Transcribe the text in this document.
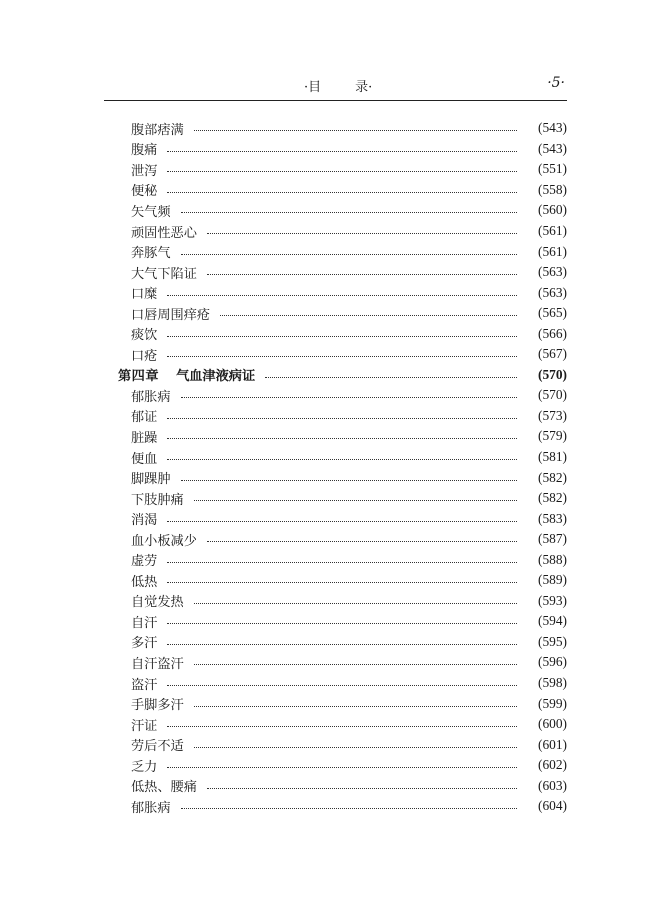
·目	录·	·5·
腹部痞满	(543)
腹痛	(543)
泄泻	(551)
便秘	(558)
矢气频	(560)
顽固性恶心	(561)
奔豚气	(561)
大气下陷证	(563)
口糜	(563)
口唇周围痒疮	(565)
痰饮	(566)
口疮	(567)
第四章 气血津液病证	(570)
郁胀病	(570)
郁证	(573)
脏躁	(579)
便血	(581)
脚踝肿	(582)
下肢肿痛	(582)
消渴	(583)
血小板减少	(587)
虚劳	(588)
低热	(589)
自觉发热	(593)
自汗	(594)
多汗	(595)
自汗盗汗	(596)
盗汗	(598)
手脚多汗	(599)
汗证	(600)
劳后不适	(601)
乏力	(602)
低热、腰痛	(603)
郁胀病	(604)
